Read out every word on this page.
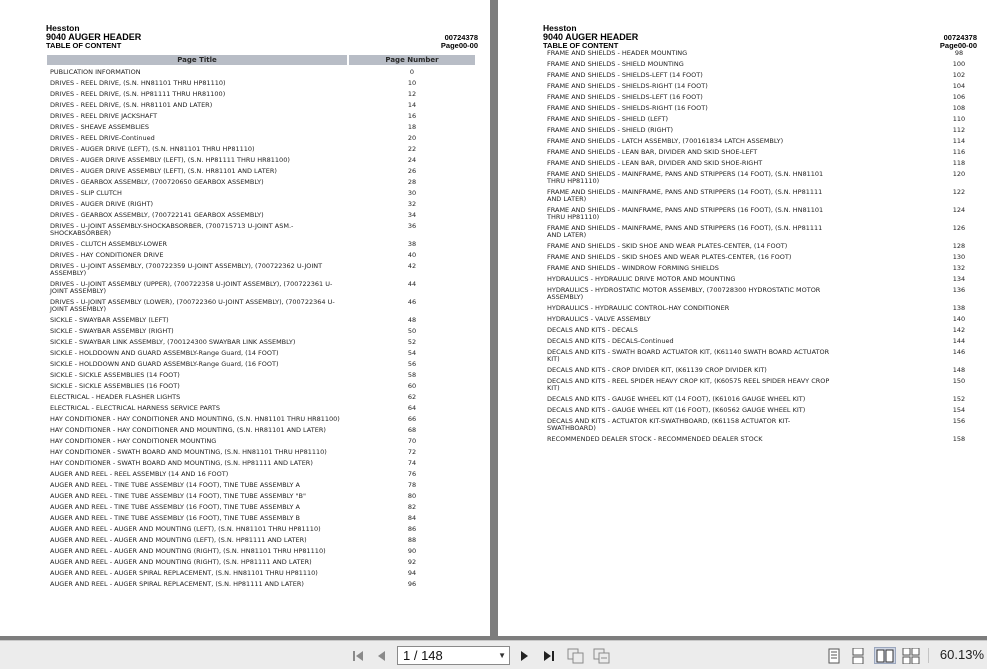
Hesston
9040 AUGER HEADER
TABLE OF CONTENT
00724378
Page00-00
Page Title	Page Number
PUBLICATION INFORMATION	0
DRIVES - REEL DRIVE, (S.N. HN81101 THRU HP81110)	10
DRIVES - REEL DRIVE, (S.N. HP81111 THRU HR81100)	12
DRIVES - REEL DRIVE, (S.N. HR81101 AND LATER)	14
DRIVES - REEL DRIVE JACKSHAFT	16
DRIVES - SHEAVE ASSEMBLIES	18
DRIVES - REEL DRIVE-Continued	20
DRIVES - AUGER DRIVE (LEFT), (S.N. HN81101 THRU HP81110)	22
DRIVES - AUGER DRIVE ASSEMBLY (LEFT), (S.N. HP81111 THRU HR81100)	24
DRIVES - AUGER DRIVE ASSEMBLY (LEFT), (S.N. HR81101 AND LATER)	26
DRIVES - GEARBOX ASSEMBLY, (700720650 GEARBOX ASSEMBLY)	28
DRIVES - SLIP CLUTCH	30
DRIVES - AUGER DRIVE (RIGHT)	32
DRIVES - GEARBOX ASSEMBLY, (700722141 GEARBOX ASSEMBLY)	34
DRIVES - U-JOINT ASSEMBLY-SHOCKABSORBER, (700715713 U-JOINT ASM.-SHOCKABSORBER)
36
DRIVES - CLUTCH ASSEMBLY-LOWER	38
DRIVES - HAY CONDITIONER DRIVE	40
DRIVES - U-JOINT ASSEMBLY, (700722359 U-JOINT ASSEMBLY), (700722362 U-JOINT ASSEMBLY)
42
DRIVES - U-JOINT ASSEMBLY (UPPER), (700722358 U-JOINT ASSEMBLY), (700722361 U-JOINT ASSEMBLY)
44
DRIVES - U-JOINT ASSEMBLY (LOWER), (700722360 U-JOINT ASSEMBLY), (700722364 U-JOINT ASSEMBLY)
46
SICKLE - SWAYBAR ASSEMBLY (LEFT)	48
SICKLE - SWAYBAR ASSEMBLY (RIGHT)	50
SICKLE - SWAYBAR LINK ASSEMBLY, (700124300 SWAYBAR LINK ASSEMBLY)	52
SICKLE - HOLDDOWN AND GUARD ASSEMBLY-Range Guard, (14 FOOT)	54
SICKLE - HOLDDOWN AND GUARD ASSEMBLY-Range Guard, (16 FOOT)	56
SICKLE - SICKLE ASSEMBLIES (14 FOOT)	58
SICKLE - SICKLE ASSEMBLIES (16 FOOT)	60
ELECTRICAL - HEADER FLASHER LIGHTS	62
ELECTRICAL - ELECTRICAL HARNESS SERVICE PARTS	64
HAY CONDITIONER - HAY CONDITIONER AND MOUNTING, (S.N. HN81101 THRU HR81100)	66
HAY CONDITIONER - HAY CONDITIONER AND MOUNTING, (S.N. HR81101 AND LATER)	68
HAY CONDITIONER - HAY CONDITIONER MOUNTING	70
HAY CONDITIONER - SWATH BOARD AND MOUNTING, (S.N. HN81101 THRU HP81110)	72
HAY CONDITIONER - SWATH BOARD AND MOUNTING, (S.N. HP81111 AND LATER)	74
AUGER AND REEL - REEL ASSEMBLY (14 AND 16 FOOT)	76
AUGER AND REEL - TINE TUBE ASSEMBLY (14 FOOT), TINE TUBE ASSEMBLY A	78
AUGER AND REEL - TINE TUBE ASSEMBLY (14 FOOT), TINE TUBE ASSEMBLY "B"	80
AUGER AND REEL - TINE TUBE ASSEMBLY (16 FOOT), TINE TUBE ASSEMBLY A	82
AUGER AND REEL - TINE TUBE ASSEMBLY (16 FOOT), TINE TUBE ASSEMBLY B	84
AUGER AND REEL - AUGER AND MOUNTING (LEFT), (S.N. HN81101 THRU HP81110)	86
AUGER AND REEL - AUGER AND MOUNTING (LEFT), (S.N. HP81111 AND LATER)	88
AUGER AND REEL - AUGER AND MOUNTING (RIGHT), (S.N. HN81101 THRU HP81110)	90
AUGER AND REEL - AUGER AND MOUNTING (RIGHT), (S.N. HP81111 AND LATER)	92
AUGER AND REEL - AUGER SPIRAL REPLACEMENT, (S.N. HN81101 THRU HP81110)	94
AUGER AND REEL - AUGER SPIRAL REPLACEMENT, (S.N. HP81111 AND LATER)	96
Hesston
9040 AUGER HEADER
TABLE OF CONTENT
00724378
Page00-00
FRAME AND SHIELDS - HEADER MOUNTING	98
FRAME AND SHIELDS - SHIELD MOUNTING	100
FRAME AND SHIELDS - SHIELDS-LEFT (14 FOOT)	102
FRAME AND SHIELDS - SHIELDS-RIGHT (14 FOOT)	104
FRAME AND SHIELDS - SHIELDS-LEFT (16 FOOT)	106
FRAME AND SHIELDS - SHIELDS-RIGHT (16 FOOT)	108
FRAME AND SHIELDS - SHIELD (LEFT)	110
FRAME AND SHIELDS - SHIELD (RIGHT)	112
FRAME AND SHIELDS - LATCH ASSEMBLY, (700161834 LATCH ASSEMBLY)	114
FRAME AND SHIELDS - LEAN BAR, DIVIDER AND SKID SHOE-LEFT	116
FRAME AND SHIELDS - LEAN BAR, DIVIDER AND SKID SHOE-RIGHT	118
FRAME AND SHIELDS - MAINFRAME, PANS AND STRIPPERS (14 FOOT), (S.N. HN81101 THRU HP81110)
120
FRAME AND SHIELDS - MAINFRAME, PANS AND STRIPPERS (14 FOOT), (S.N. HP81111 AND LATER)
122
FRAME AND SHIELDS - MAINFRAME, PANS AND STRIPPERS (16 FOOT), (S.N. HN81101 THRU HP81110)
124
FRAME AND SHIELDS - MAINFRAME, PANS AND STRIPPERS (16 FOOT), (S.N. HP81111 AND LATER)
126
FRAME AND SHIELDS - SKID SHOE AND WEAR PLATES-CENTER, (14 FOOT)	128
FRAME AND SHIELDS - SKID SHOES AND WEAR PLATES-CENTER, (16 FOOT)	130
FRAME AND SHIELDS - WINDROW FORMING SHIELDS	132
HYDRAULICS - HYDRAULIC DRIVE MOTOR AND MOUNTING	134
HYDRAULICS - HYDROSTATIC MOTOR ASSEMBLY, (700728300 HYDROSTATIC MOTOR ASSEMBLY)
136
HYDRAULICS - HYDRAULIC CONTROL-HAY CONDITIONER	138
HYDRAULICS - VALVE ASSEMBLY	140
DECALS AND KITS - DECALS	142
DECALS AND KITS - DECALS-Continued	144
DECALS AND KITS - SWATH BOARD ACTUATOR KIT, (K61140 SWATH BOARD ACTUATOR KIT)
146
DECALS AND KITS - CROP DIVIDER KIT, (K61139 CROP DIVIDER KIT)	148
DECALS AND KITS - REEL SPIDER HEAVY CROP KIT, (K60575 REEL SPIDER HEAVY CROP KIT)
150
DECALS AND KITS - GAUGE WHEEL KIT (14 FOOT), (K61016 GAUGE WHEEL KIT)	152
DECALS AND KITS - GAUGE WHEEL KIT (16 FOOT), (K60562 GAUGE WHEEL KIT)	154
DECALS AND KITS - ACTUATOR KIT-SWATHBOARD, (K61158 ACTUATOR KIT-SWATHBOARD)
156
RECOMMENDED DEALER STOCK - RECOMMENDED DEALER STOCK	158
1 / 148	▼	60.13%
